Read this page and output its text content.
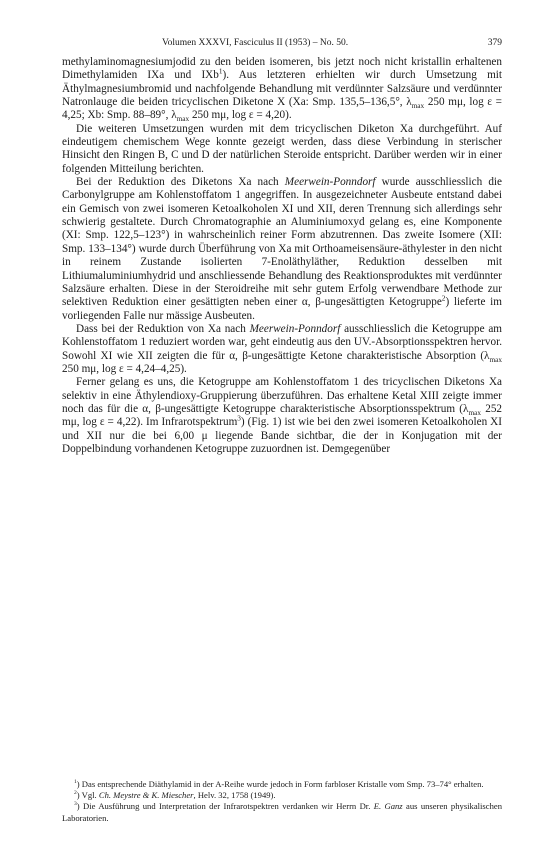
Volumen XXXVI, Fasciculus II (1953) – No. 50.	379

methylaminomagnesiumjodid zu den beiden isomeren, bis jetzt noch nicht kristallin erhaltenen Dimethylamiden IXa und IXb$^1$). Aus letzteren erhielten wir durch Umsetzung mit Äthylmagnesiumbromid und nachfolgende Behandlung mit verdünnter Salzsäure und verdünnter Natronlauge die beiden tricyclischen Diketone X (Xa: Smp. 135,5–136,5°, $\lambda_{max}$ 250 mμ, log ε = 4,25; Xb: Smp. 88–89°, $\lambda_{max}$ 250 mμ, log ε = 4,20).

Die weiteren Umsetzungen wurden mit dem tricyclischen Diketon Xa durchgeführt. Auf eindeutigem chemischem Wege konnte gezeigt werden, dass diese Verbindung in sterischer Hinsicht den Ringen B, C und D der natürlichen Steroide entspricht. Darüber werden wir in einer folgenden Mitteilung berichten.

Bei der Reduktion des Diketons Xa nach Meerwein-Ponndorf wurde ausschliesslich die Carbonylgruppe am Kohlenstoffatom 1 angegriffen. In ausgezeichneter Ausbeute entstand dabei ein Gemisch von zwei isomeren Ketoalkoholen XI und XII, deren Trennung sich allerdings sehr schwierig gestaltete. Durch Chromatographie an Aluminiumoxyd gelang es, eine Komponente (XI: Smp. 122,5–123°) in wahrscheinlich reiner Form abzutrennen. Das zweite Isomere (XII: Smp. 133–134°) wurde durch Überführung von Xa mit Orthoameisensäure-äthylester in den nicht in reinem Zustande isolierten 7-Enoläthyläther, Reduktion desselben mit Lithiumaluminiumhydrid und anschliessende Behandlung des Reaktionsproduktes mit verdünnter Salzsäure erhalten. Diese in der Steroidreihe mit sehr gutem Erfolg verwendbare Methode zur selektiven Reduktion einer gesättigten neben einer α, β-ungesättigten Ketogruppe$^2$) lieferte im vorliegenden Falle nur mässige Ausbeuten.

Dass bei der Reduktion von Xa nach Meerwein-Ponndorf ausschliesslich die Ketogruppe am Kohlenstoffatom 1 reduziert worden war, geht eindeutig aus den UV.-Absorptionsspektren hervor. Sowohl XI wie XII zeigten die für α, β-ungesättigte Ketone charakteristische Absorption ($\lambda_{max}$ 250 mμ, log ε = 4,24–4,25).

Ferner gelang es uns, die Ketogruppe am Kohlenstoffatom 1 des tricyclischen Diketons Xa selektiv in eine Äthylendioxy-Gruppierung überzuführen. Das erhaltene Ketal XIII zeigte immer noch das für die α, β-ungesättigte Ketogruppe charakteristische Absorptionsspektrum ($\lambda_{max}$ 252 mμ, log ε = 4,22). Im Infrarotspektrum$^3$) (Fig. 1) ist wie bei den zwei isomeren Ketoalkoholen XI und XII nur die bei 6,00 μ liegende Bande sichtbar, die der in Konjugation mit der Doppelbindung vorhandenen Ketogruppe zuzuordnen ist. Demgegenüber

$^1$) Das entsprechende Diäthylamid in der A-Reihe wurde jedoch in Form farbloser Kristalle vom Smp. 73–74° erhalten.

$^2$) Vgl. Ch. Meystre & K. Miescher, Helv. 32, 1758 (1949).

$^3$) Die Ausführung und Interpretation der Infrarotspektren verdanken wir Herrn Dr. E. Ganz aus unseren physikalischen Laboratorien.
